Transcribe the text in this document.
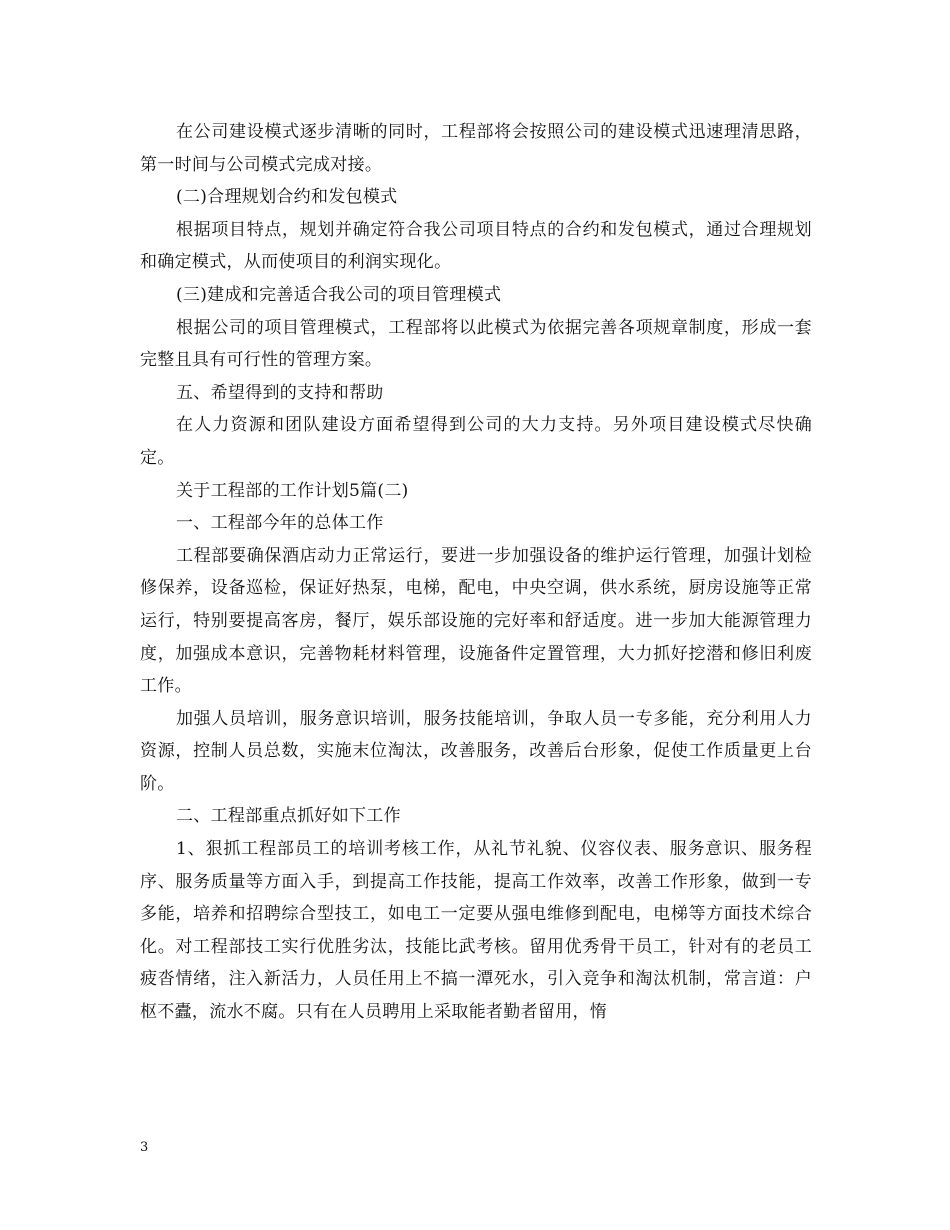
在公司建设模式逐步清晰的同时，工程部将会按照公司的建设模式迅速理清思路，第一时间与公司模式完成对接。

(二)合理规划合约和发包模式

根据项目特点，规划并确定符合我公司项目特点的合约和发包模式，通过合理规划和确定模式，从而使项目的利润实现化。

(三)建成和完善适合我公司的项目管理模式

根据公司的项目管理模式，工程部将以此模式为依据完善各项规章制度，形成一套完整且具有可行性的管理方案。

五、希望得到的支持和帮助

在人力资源和团队建设方面希望得到公司的大力支持。另外项目建设模式尽快确定。

关于工程部的工作计划5篇(二)

一、工程部今年的总体工作

工程部要确保酒店动力正常运行，要进一步加强设备的维护运行管理，加强计划检修保养，设备巡检，保证好热泵，电梯，配电，中央空调，供水系统，厨房设施等正常运行，特别要提高客房，餐厅，娱乐部设施的完好率和舒适度。进一步加大能源管理力度，加强成本意识，完善物耗材料管理，设施备件定置管理，大力抓好挖潜和修旧利废工作。

加强人员培训，服务意识培训，服务技能培训，争取人员一专多能，充分利用人力资源，控制人员总数，实施末位淘汰，改善服务，改善后台形象，促使工作质量更上台阶。

二、工程部重点抓好如下工作

1、狠抓工程部员工的培训考核工作，从礼节礼貌、仪容仪表、服务意识、服务程序、服务质量等方面入手，到提高工作技能，提高工作效率，改善工作形象，做到一专多能，培养和招聘综合型技工，如电工一定要从强电维修到配电，电梯等方面技术综合化。对工程部技工实行优胜劣汰，技能比武考核。留用优秀骨干员工，针对有的老员工疲沓情绪，注入新活力，人员任用上不搞一潭死水，引入竞争和淘汰机制，常言道：户枢不蠹，流水不腐。只有在人员聘用上采取能者勤者留用，惰

3
